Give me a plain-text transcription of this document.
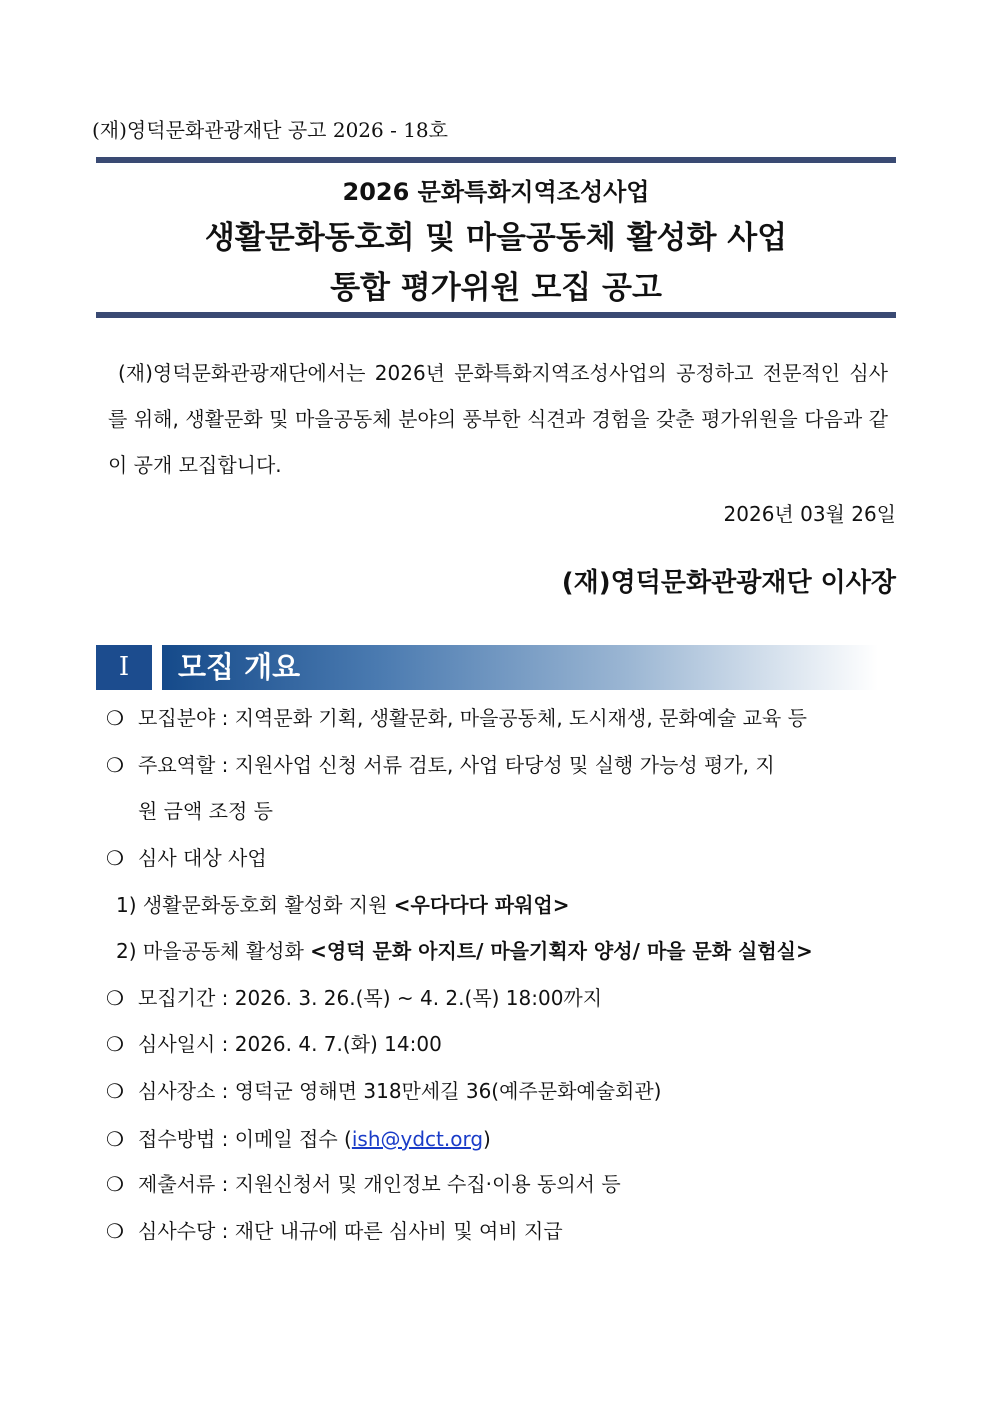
(재)영덕문화관광재단 공고 2026 - 18호
2026 문화특화지역조성사업
생활문화동호회 및 마을공동체 활성화 사업
통합 평가위원 모집 공고
(재)영덕문화관광재단에서는 2026년 문화특화지역조성사업의 공정하고 전문적인 심사를 위해, 생활문화 및 마을공동체 분야의 풍부한 식견과 경험을 갖춘 평가위원을 다음과 같이 공개 모집합니다.
2026년 03월 26일
(재)영덕문화관광재단 이사장
Ⅰ	모집 개요
❍ 모집분야 : 지역문화 기획, 생활문화, 마을공동체, 도시재생, 문화예술 교육 등
❍ 주요역할 : 지원사업 신청 서류 검토, 사업 타당성 및 실행 가능성 평가, 지
원 금액 조정 등
❍ 심사 대상 사업
1) 생활문화동호회 활성화 지원 <우다다다 파워업>
2) 마을공동체 활성화 <영덕 문화 아지트/ 마을기획자 양성/ 마을 문화 실험실>
❍ 모집기간 : 2026. 3. 26.(목) ~ 4. 2.(목) 18:00까지
❍ 심사일시 : 2026. 4. 7.(화) 14:00
❍ 심사장소 : 영덕군 영해면 318만세길 36(예주문화예술회관)
❍ 접수방법 : 이메일 접수 (ish@ydct.org)
❍ 제출서류 : 지원신청서 및 개인정보 수집·이용 동의서 등
❍ 심사수당 : 재단 내규에 따른 심사비 및 여비 지급
